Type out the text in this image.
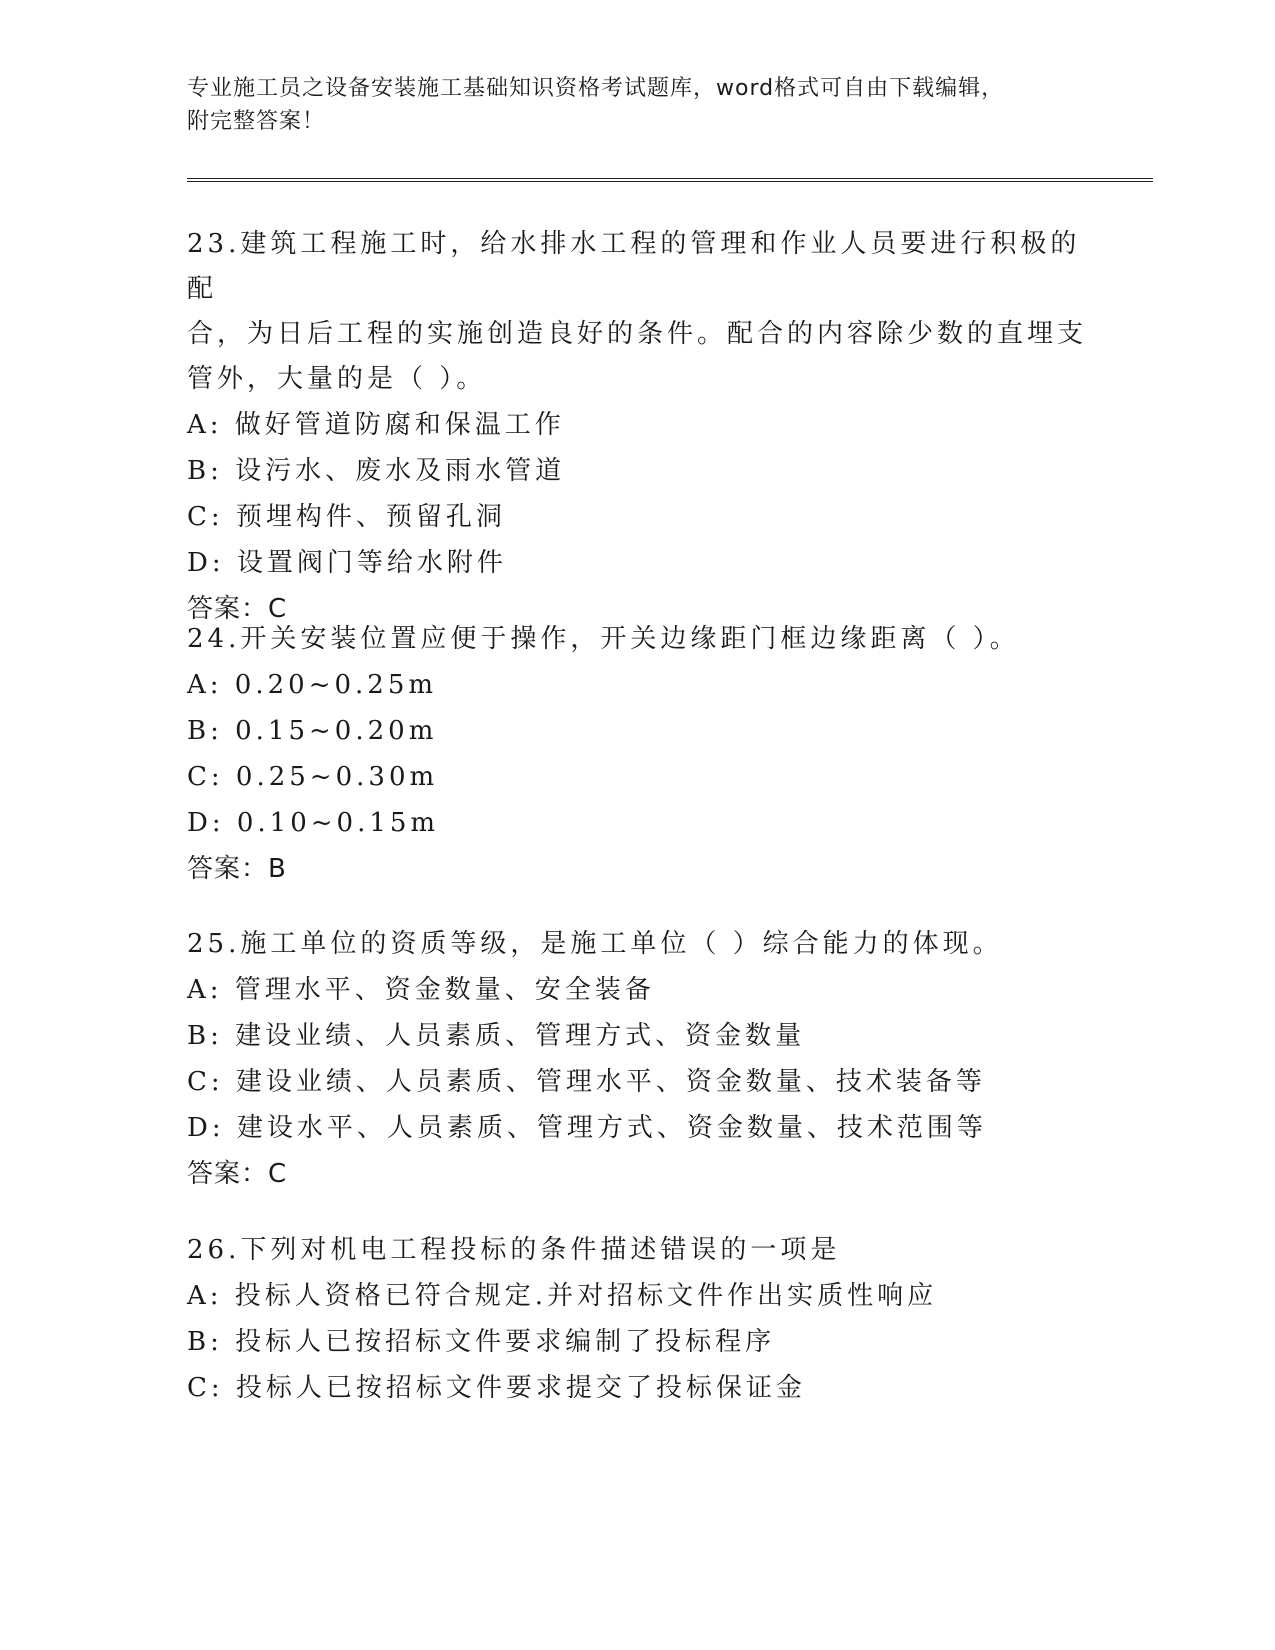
专业施工员之设备安装施工基础知识资格考试题库，word格式可自由下载编辑，
附完整答案！
23.建筑工程施工时，给水排水工程的管理和作业人员要进行积极的配
合，为日后工程的实施创造良好的条件。配合的内容除少数的直埋支
管外，大量的是（ ）。
A: 做好管道防腐和保温工作
B: 设污水、废水及雨水管道
C: 预埋构件、预留孔洞
D: 设置阀门等给水附件
答案：C
24.开关安装位置应便于操作，开关边缘距门框边缘距离（ ）。
A: 0.20~0.25m
B: 0.15~0.20m
C: 0.25~0.30m
D: 0.10~0.15m
答案：B
25.施工单位的资质等级，是施工单位（ ）综合能力的体现。
A: 管理水平、资金数量、安全装备
B: 建设业绩、人员素质、管理方式、资金数量
C: 建设业绩、人员素质、管理水平、资金数量、技术装备等
D: 建设水平、人员素质、管理方式、资金数量、技术范围等
答案：C
26.下列对机电工程投标的条件描述错误的一项是
A: 投标人资格已符合规定.并对招标文件作出实质性响应
B: 投标人已按招标文件要求编制了投标程序
C: 投标人已按招标文件要求提交了投标保证金
